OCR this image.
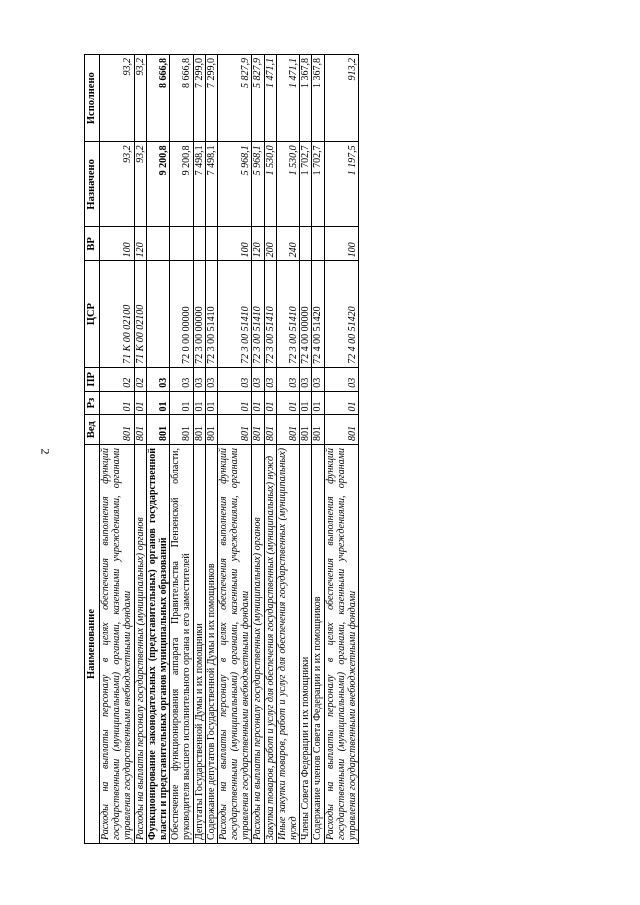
2
Наименование	Вед	Рз	ПР	ЦСР	ВР	Назначено	Исполнено
Расходы на выплаты персоналу в целях обеспечения выполнения функций государственными (муниципальными) органами, казенными учреждениями, органами управления государственными внебюджетными фондами	801	01	02	71 К 00 02100	100	93,2	93,2
Расходы на выплаты персоналу государственных (муниципальных) органов	801	01	02	71 К 00 02100	120	93,2	93,2
Функционирование законодательных (представительных) органов государственной власти и представительных органов муниципальных образований	801	01	03			9 200,8	8 666,8
Обеспечение функционирования аппарата Правительства Пензенской области, руководителя высшего исполнительного органа и его заместителей	801	01	03	72 0 00 00000		9 200,8	8 666,8
Депутаты Государственной Думы и их помощники	801	01	03	72 3 00 00000		7 498,1	7 299,0
Содержание депутатов Государственной Думы и их помощников	801	01	03	72 3 00 51410		7 498,1	7 299,0
Расходы на выплаты персоналу в целях обеспечения выполнения функций государственными (муниципальными) органами, казенными учреждениями, органами управления государственными внебюджетными фондами	801	01	03	72 3 00 51410	100	5 968,1	5 827,9
Расходы на выплаты персоналу государственных (муниципальных) органов	801	01	03	72 3 00 51410	120	5 968,1	5 827,9
Закупка товаров, работ и услуг для обеспечения государственных (муниципальных) нужд	801	01	03	72 3 00 51410	200	1 530,0	1 471,1
Иные закупки товаров, работ и услуг для обеспечения государственных (муниципальных) нужд	801	01	03	72 3 00 51410	240	1 530,0	1 471,1
Члены Совета Федерации и их помощники	801	01	03	72 4 00 00000		1 702,7	1 367,8
Содержание членов Совета Федерации и их помощников	801	01	03	72 4 00 51420		1 702,7	1 367,8
Расходы на выплаты персоналу в целях обеспечения выполнения функций государственными (муниципальными) органами, казенными учреждениями, органами управления государственными внебюджетными фондами	801	01	03	72 4 00 51420	100	1 197,5	913,2
